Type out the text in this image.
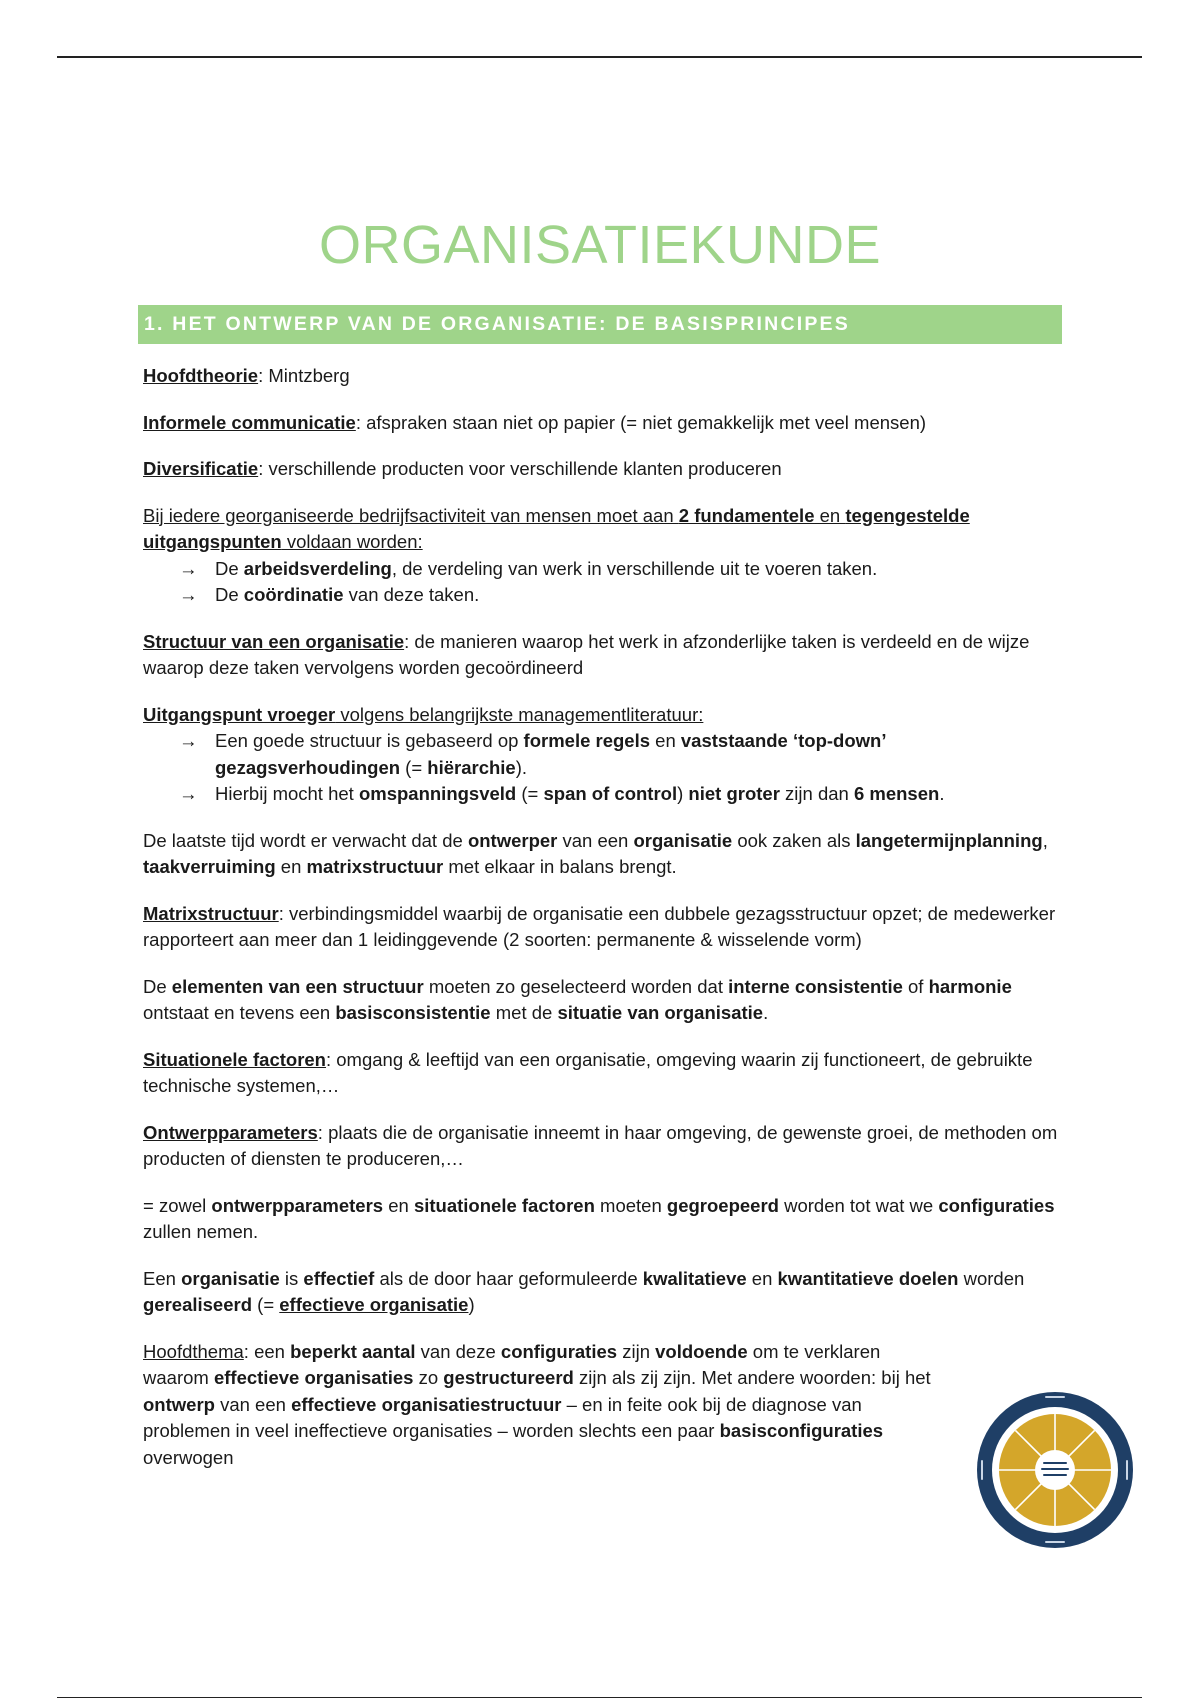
ORGANISATIEKUNDE
1. HET ONTWERP VAN DE ORGANISATIE: DE BASISPRINCIPES

Hoofdtheorie: Mintzberg

Informele communicatie: afspraken staan niet op papier (= niet gemakkelijk met veel mensen)

Diversificatie: verschillende producten voor verschillende klanten produceren

Bij iedere georganiseerde bedrijfsactiviteit van mensen moet aan 2 fundamentele en tegengestelde uitgangspunten voldaan worden:

→ De arbeidsverdeling, de verdeling van werk in verschillende uit te voeren taken.
→ De coördinatie van deze taken.

Structuur van een organisatie: de manieren waarop het werk in afzonderlijke taken is verdeeld en de wijze waarop deze taken vervolgens worden gecoördineerd

Uitgangspunt vroeger volgens belangrijkste managementliteratuur:

→ Een goede structuur is gebaseerd op formele regels en vaststaande ‘top-down’ gezagsverhoudingen (= hiërarchie).
→ Hierbij mocht het omspanningsveld (= span of control) niet groter zijn dan 6 mensen.

De laatste tijd wordt er verwacht dat de ontwerper van een organisatie ook zaken als langetermijnplanning, taakverruiming en matrixstructuur met elkaar in balans brengt.

Matrixstructuur: verbindingsmiddel waarbij de organisatie een dubbele gezagsstructuur opzet; de medewerker rapporteert aan meer dan 1 leidinggevende (2 soorten: permanente & wisselende vorm)

De elementen van een structuur moeten zo geselecteerd worden dat interne consistentie of harmonie ontstaat en tevens een basisconsistentie met de situatie van organisatie.

Situationele factoren: omgang & leeftijd van een organisatie, omgeving waarin zij functioneert, de gebruikte technische systemen,…

Ontwerpparameters: plaats die de organisatie inneemt in haar omgeving, de gewenste groei, de methoden om producten of diensten te produceren,…

= zowel ontwerpparameters en situationele factoren moeten gegroepeerd worden tot wat we configuraties zullen nemen.

Een organisatie is effectief als de door haar geformuleerde kwalitatieve en kwantitatieve doelen worden gerealiseerd (= effectieve organisatie)

Hoofdthema: een beperkt aantal van deze configuraties zijn voldoende om te verklaren waarom effectieve organisaties zo gestructureerd zijn als zij zijn. Met andere woorden: bij het ontwerp van een effectieve organisatiestructuur – en in feite ook bij de diagnose van problemen in veel ineffectieve organisaties – worden slechts een paar basisconfiguraties overwogen
